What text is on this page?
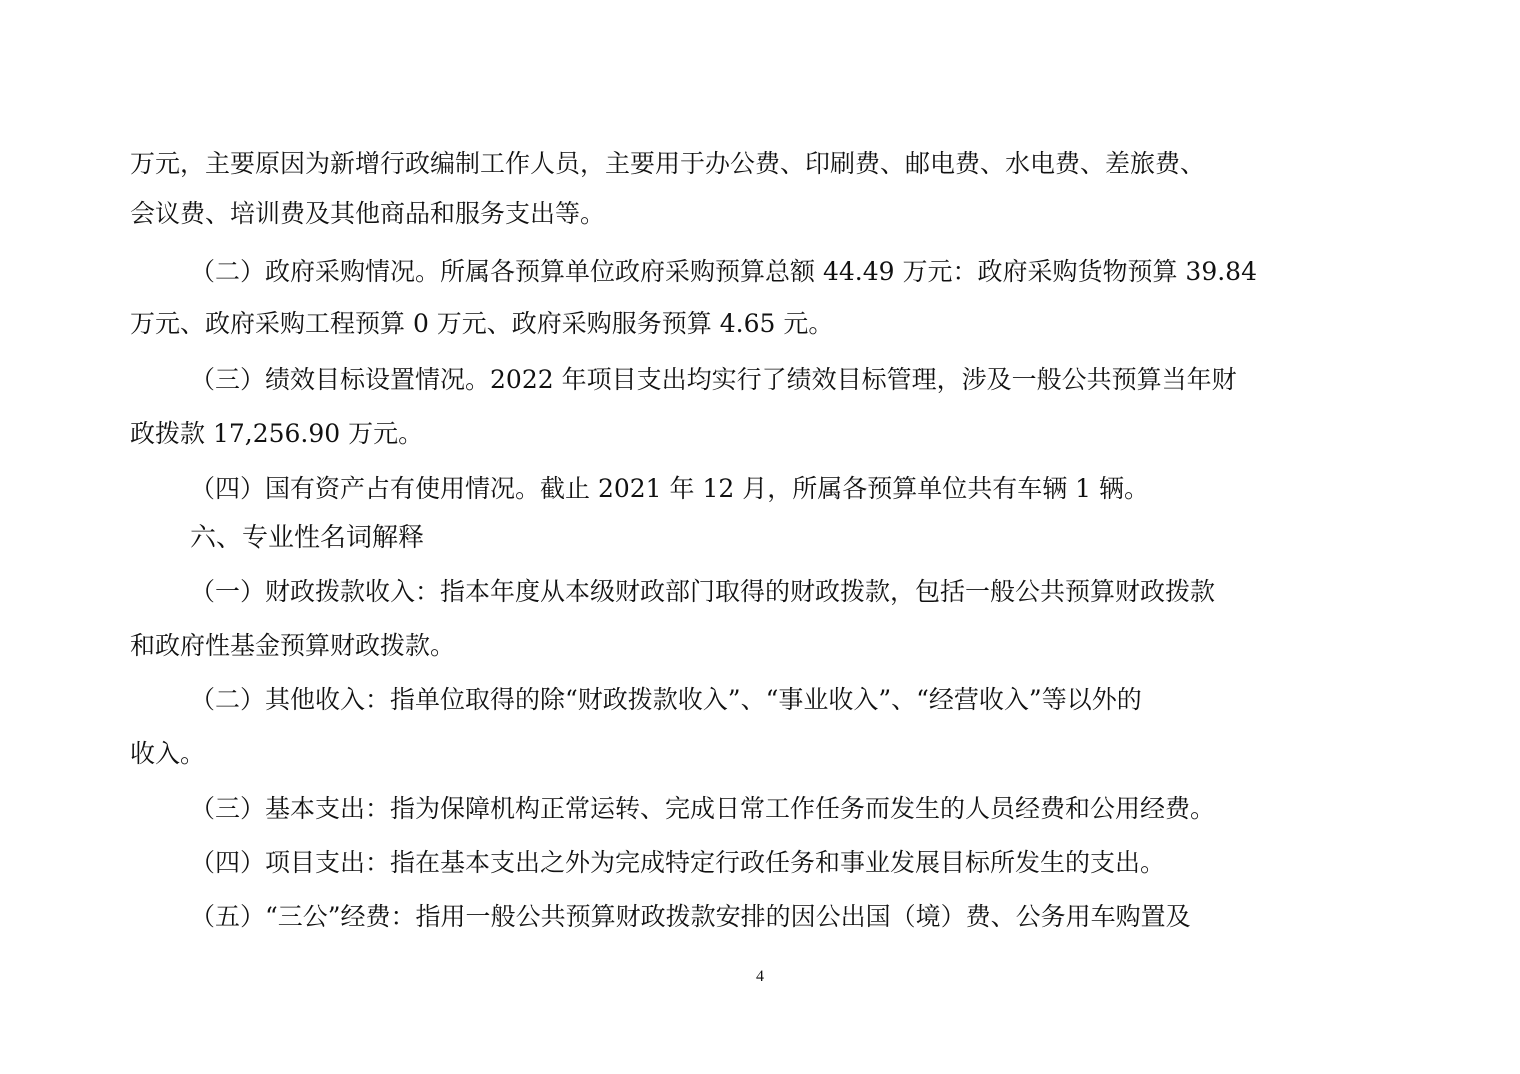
万元，主要原因为新增行政编制工作人员，主要用于办公费、印刷费、邮电费、水电费、差旅费、
会议费、培训费及其他商品和服务支出等。
（二）政府采购情况。所属各预算单位政府采购预算总额 44.49 万元：政府采购货物预算 39.84
万元、政府采购工程预算 0 万元、政府采购服务预算 4.65 元。
（三）绩效目标设置情况。2022 年项目支出均实行了绩效目标管理，涉及一般公共预算当年财
政拨款 17,256.90 万元。
（四）国有资产占有使用情况。截止 2021 年 12 月，所属各预算单位共有车辆 1 辆。
六、专业性名词解释
（一）财政拨款收入：指本年度从本级财政部门取得的财政拨款，包括一般公共预算财政拨款
和政府性基金预算财政拨款。
（二）其他收入：指单位取得的除“财政拨款收入”、“事业收入”、“经营收入”等以外的
收入。
（三）基本支出：指为保障机构正常运转、完成日常工作任务而发生的人员经费和公用经费。
（四）项目支出：指在基本支出之外为完成特定行政任务和事业发展目标所发生的支出。
（五）“三公”经费：指用一般公共预算财政拨款安排的因公出国（境）费、公务用车购置及
4
